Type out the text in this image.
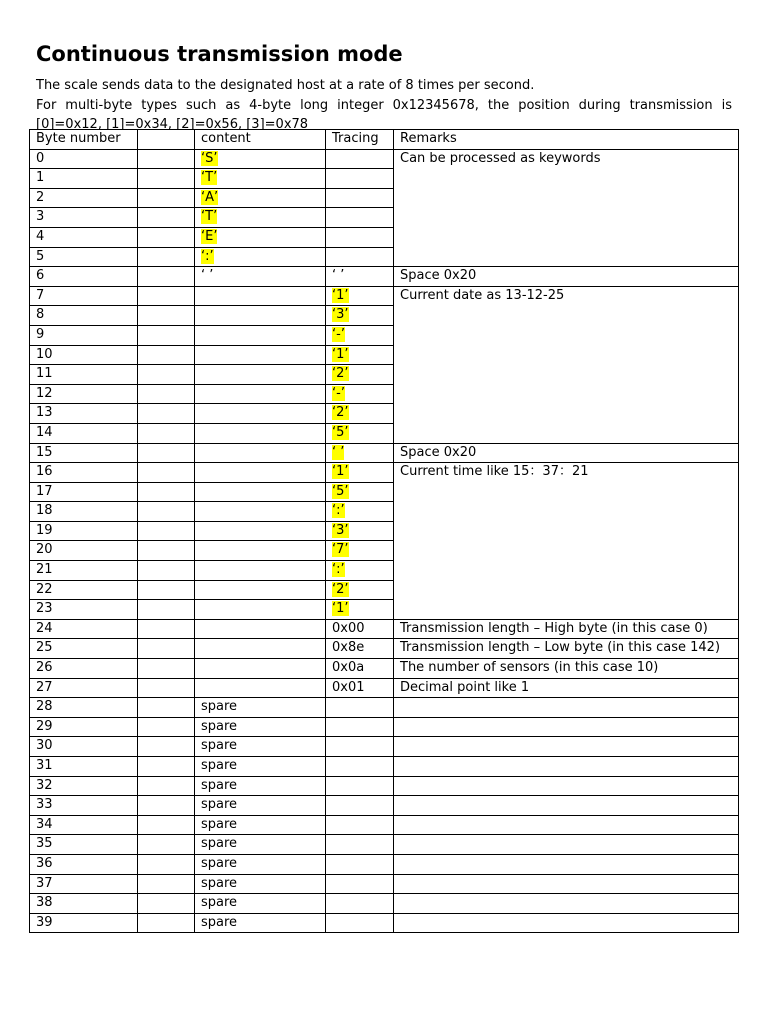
Continuous transmission mode

The scale sends data to the designated host at a rate of 8 times per second.

For multi-byte types such as 4-byte long integer 0x12345678, the position during transmission is [0]=0x12, [1]=0x34, [2]=0x56, [3]=0x78

Byte number		content	Tracing	Remarks
0		‘S’		Can be processed as keywords
1		‘T’		
2		‘A’		
3		‘T’		
4		‘E’		
5		‘:’		
6		‘ ’	‘ ’	Space 0x20
7			‘1’	Current date as 13-12-25
8			‘3’	
9			‘-’	
10			‘1’	
11			‘2’	
12			‘-’	
13			‘2’	
14			‘5’	
15			‘ ’	Space 0x20
16			‘1’	Current time like 15：37：21
17			‘5’	
18			‘:’	
19			‘3’	
20			‘7’	
21			‘:’	
22			‘2’	
23			‘1’	
24			0x00	Transmission length – High byte (in this case 0)
25			0x8e	Transmission length – Low byte (in this case 142)
26			0x0a	The number of sensors (in this case 10)
27			0x01	Decimal point like 1
28		spare		
29		spare		
30		spare		
31		spare		
32		spare		
33		spare		
34		spare		
35		spare		
36		spare		
37		spare		
38		spare		
39		spare		
